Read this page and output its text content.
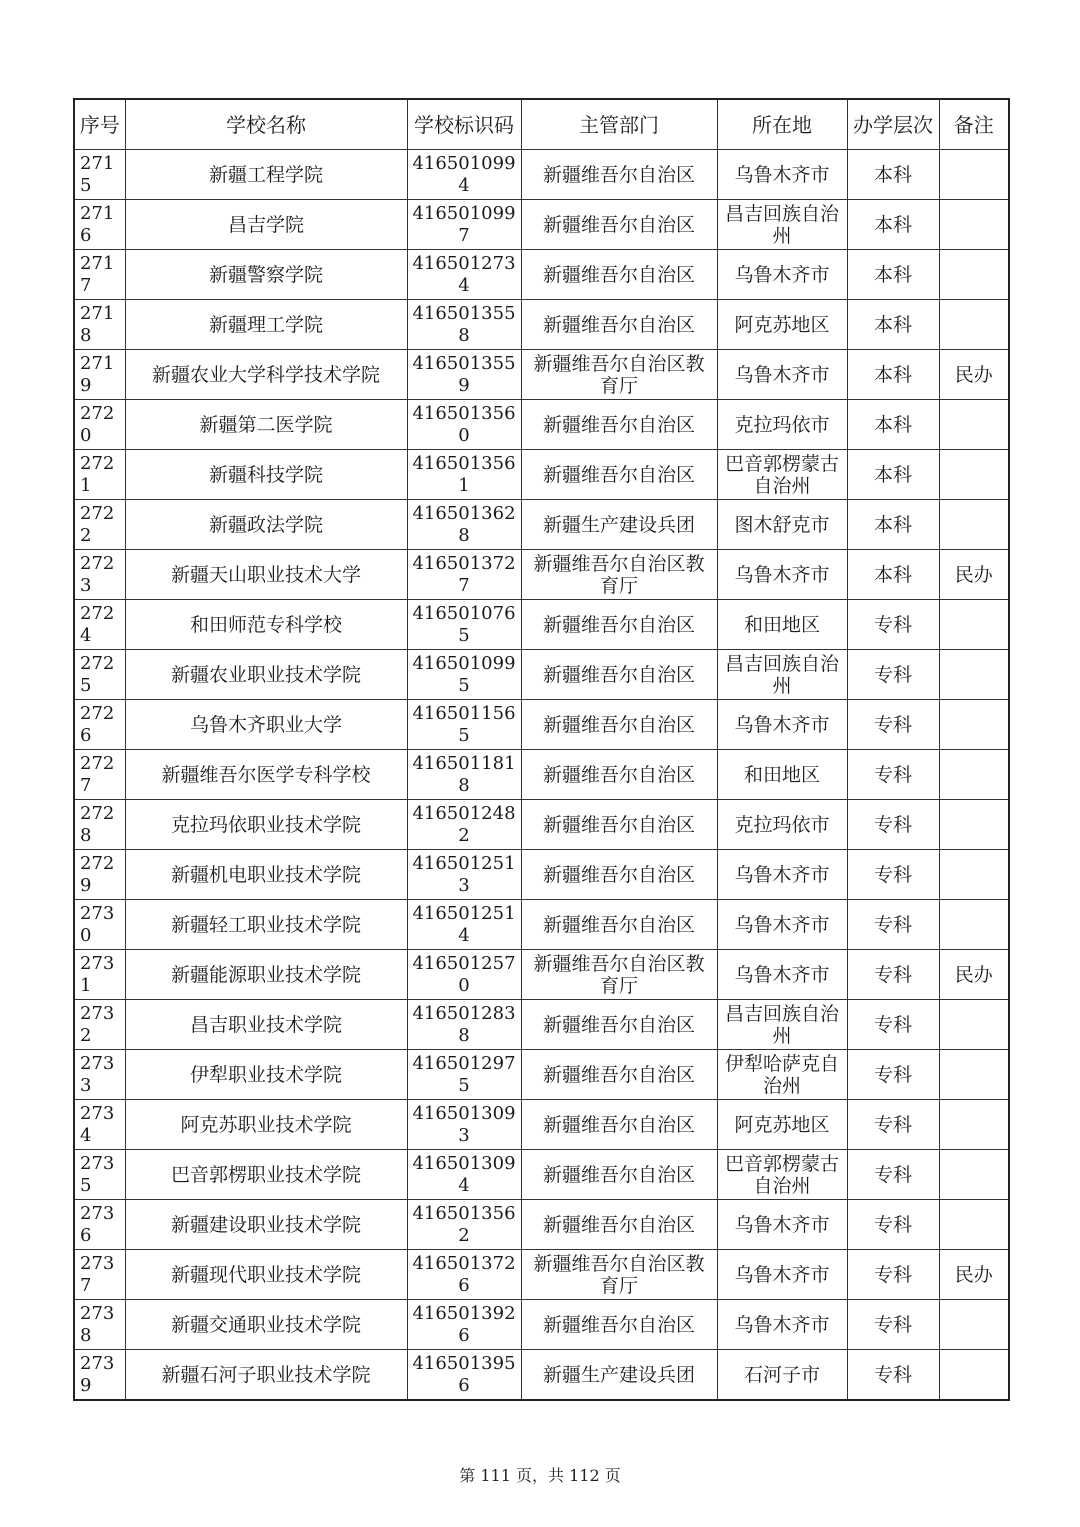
序号	学校名称	学校标识码	主管部门	所在地	办学层次	备注
2715	新疆工程学院	4165010994	新疆维吾尔自治区	乌鲁木齐市	本科	
2716	昌吉学院	4165010997	新疆维吾尔自治区	昌吉回族自治州	本科	
2717	新疆警察学院	4165012734	新疆维吾尔自治区	乌鲁木齐市	本科	
2718	新疆理工学院	4165013558	新疆维吾尔自治区	阿克苏地区	本科	
2719	新疆农业大学科学技术学院	4165013559	新疆维吾尔自治区教育厅	乌鲁木齐市	本科	民办
2720	新疆第二医学院	4165013560	新疆维吾尔自治区	克拉玛依市	本科	
2721	新疆科技学院	4165013561	新疆维吾尔自治区	巴音郭楞蒙古自治州	本科	
2722	新疆政法学院	4165013628	新疆生产建设兵团	图木舒克市	本科	
2723	新疆天山职业技术大学	4165013727	新疆维吾尔自治区教育厅	乌鲁木齐市	本科	民办
2724	和田师范专科学校	4165010765	新疆维吾尔自治区	和田地区	专科	
2725	新疆农业职业技术学院	4165010995	新疆维吾尔自治区	昌吉回族自治州	专科	
2726	乌鲁木齐职业大学	4165011565	新疆维吾尔自治区	乌鲁木齐市	专科	
2727	新疆维吾尔医学专科学校	4165011818	新疆维吾尔自治区	和田地区	专科	
2728	克拉玛依职业技术学院	4165012482	新疆维吾尔自治区	克拉玛依市	专科	
2729	新疆机电职业技术学院	4165012513	新疆维吾尔自治区	乌鲁木齐市	专科	
2730	新疆轻工职业技术学院	4165012514	新疆维吾尔自治区	乌鲁木齐市	专科	
2731	新疆能源职业技术学院	4165012570	新疆维吾尔自治区教育厅	乌鲁木齐市	专科	民办
2732	昌吉职业技术学院	4165012838	新疆维吾尔自治区	昌吉回族自治州	专科	
2733	伊犁职业技术学院	4165012975	新疆维吾尔自治区	伊犁哈萨克自治州	专科	
2734	阿克苏职业技术学院	4165013093	新疆维吾尔自治区	阿克苏地区	专科	
2735	巴音郭楞职业技术学院	4165013094	新疆维吾尔自治区	巴音郭楞蒙古自治州	专科	
2736	新疆建设职业技术学院	4165013562	新疆维吾尔自治区	乌鲁木齐市	专科	
2737	新疆现代职业技术学院	4165013726	新疆维吾尔自治区教育厅	乌鲁木齐市	专科	民办
2738	新疆交通职业技术学院	4165013926	新疆维吾尔自治区	乌鲁木齐市	专科	
2739	新疆石河子职业技术学院	4165013956	新疆生产建设兵团	石河子市	专科	
第 111 页，共 112 页
